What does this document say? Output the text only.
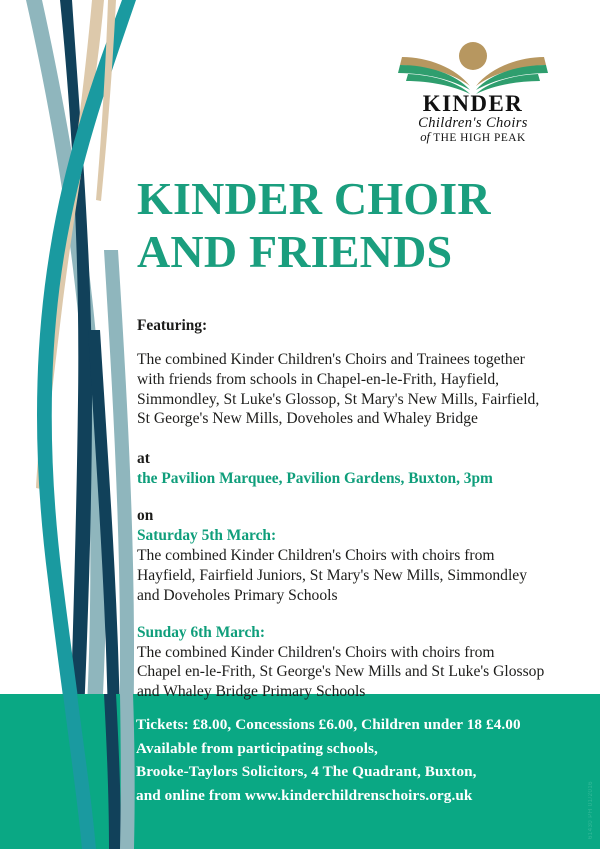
KINDER
Children's Choirs
of THE HIGH PEAK
KINDER CHOIR
AND FRIENDS
Featuring:
The combined Kinder Children's Choirs and Trainees together
with friends from schools in Chapel-en-le-Frith, Hayfield,
Simmondley, St Luke's Glossop, St Mary's New Mills, Fairfield,
St George's New Mills, Doveholes and Whaley Bridge
at
the Pavilion Marquee, Pavilion Gardens, Buxton, 3pm
on
Saturday 5th March:
The combined Kinder Children's Choirs with choirs from
Hayfield, Fairfield Juniors, St Mary's New Mills, Simmondley
and Doveholes Primary Schools
Sunday 6th March:
The combined Kinder Children's Choirs with choirs from
Chapel en-le-Frith, St George's New Mills and St Luke's Glossop
and Whaley Bridge Primary Schools
Tickets: £8.00, Concessions £6.00, Children under 18 £4.00
Available from participating schools,
Brooke-Taylors Solicitors, 4 The Quadrant, Buxton,
and online from www.kinderchildrenschoirs.org.uk	61430 PH 01/2016
